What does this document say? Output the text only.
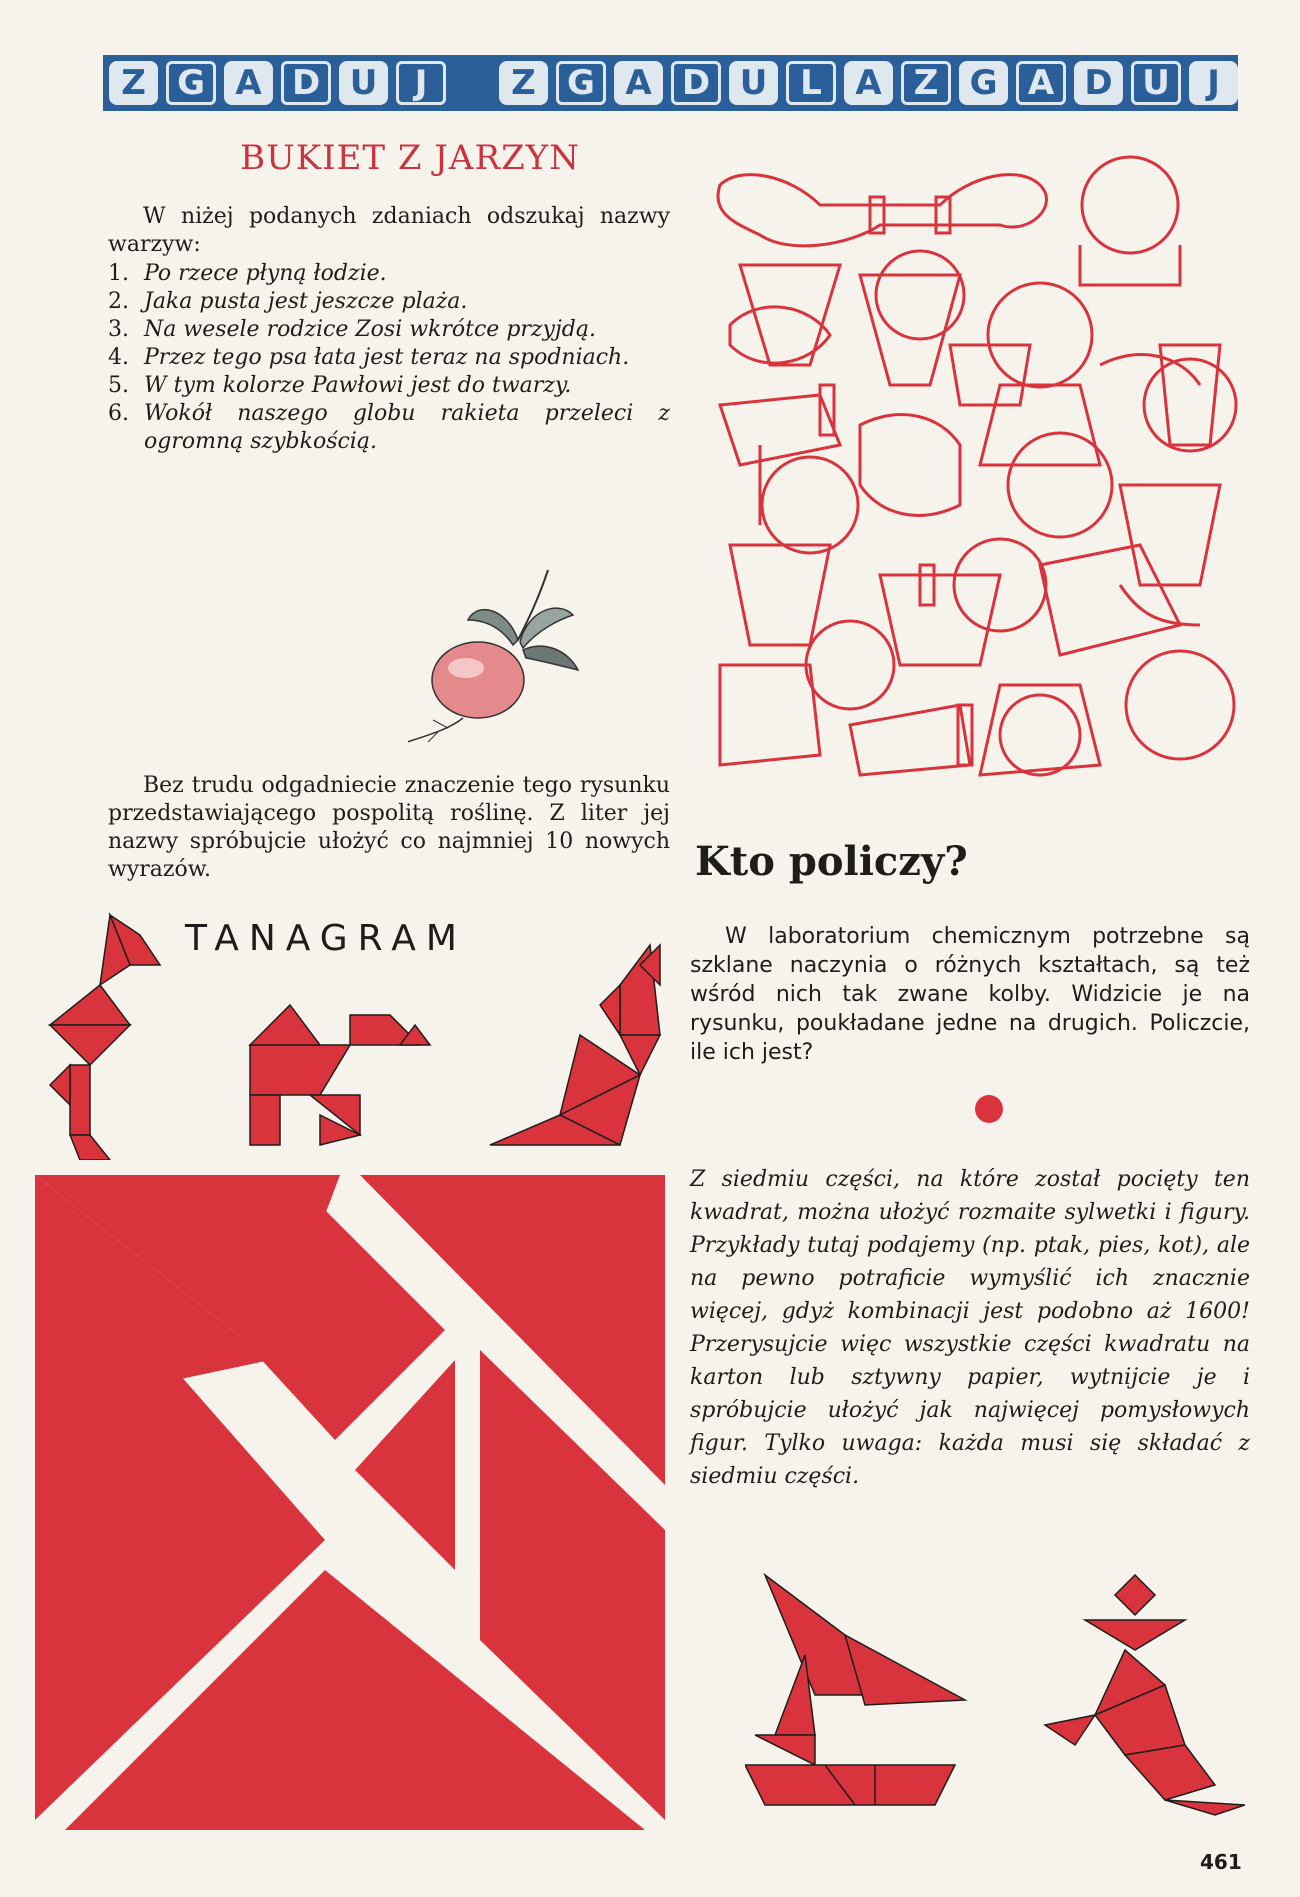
Z G A D U	J	Z G A D U L A Z G A D U	J
BUKIET Z JARZYN
W niżej podanych zdaniach odszukaj nazwy warzyw:
1. Po rzece płyną łodzie.
2. Jaka pusta jest jeszcze plaża.
3. Na wesele rodzice Zosi wkrótce przyjdą.
4. Przez tego psa łata jest teraz na spodniach.
5. W tym kolorze Pawłowi jest do twarzy.
6. Wokół naszego globu rakieta przeleci z ogromną szybkością.
Bez trudu odgadniecie znaczenie tego rysunku przedstawiającego pospolitą roślinę. Z liter jej nazwy spróbujcie ułożyć co najmniej 10 nowych wyrazów.	Kto policzy?
W laboratorium chemicznym potrzebne są szklane naczynia o różnych kształtach, są też wśród nich tak zwane kolby. Widzicie je na rysunku, poukładane jedne na drugich. Policzcie, ile ich jest?
TANAGRAM
Z siedmiu części, na które został pocięty ten kwadrat, można ułożyć rozmaite sylwetki i figury. Przykłady tutaj podajemy (np. ptak, pies, kot), ale na pewno potraficie wymyślić ich znacznie więcej, gdyż kombinacji jest podobno aż 1600! Przerysujcie więc wszystkie części kwadratu na karton lub sztywny papier, wytnijcie je i spróbujcie ułożyć jak najwięcej pomysłowych figur. Tylko uwaga: każda musi się składać z siedmiu części.
461
